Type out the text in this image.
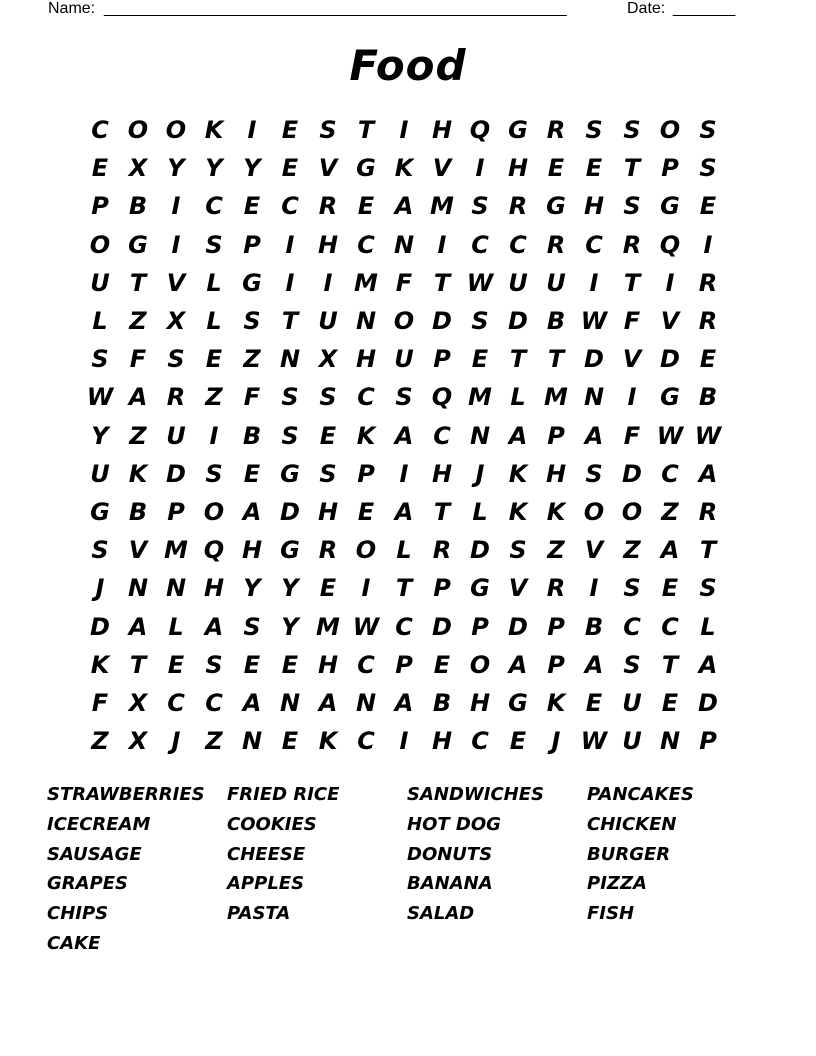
Name: ____________________________________________________	Date: _______
Food
C O O K	I	E S T	I H Q G R S S O S
E X Y Y Y E V G K V	I H E E T P S
P B	I	C E C R E A M S R G H S G E
O G I	S P	I H C N I	C C R C R Q I
U T V L G I	I M F T W U U I	T	I	R
L Z X L S T U N O D S D B W F V R
S F S E Z N X H U P E T T D V D E
W A R Z F S S C S Q M L M N I G B
Y Z U I	B S E K A C N A P A F W W
U K D S E G S P	I H J	K H S D C A
G B P O A D H E A T L K K O O Z R
S V M Q H G R O L R D S Z V Z A T
J N N H Y Y E	I	T P G V R	I	S E S
D A L A S Y M W C D P D P B C C L
K T E S E E H C P E O A P A S T A
F X C C A N A N A B H G K E U E D
Z X	J	Z N E K C	I H C E	J W U N P
STRAWBERRIES	FRIED RICE	SANDWICHES	PANCAKES
ICECREAM	COOKIES	HOT DOG	CHICKEN
SAUSAGE	CHEESE	DONUTS	BURGER
GRAPES	APPLES	BANANA	PIZZA
CHIPS	PASTA	SALAD	FISH
CAKE
